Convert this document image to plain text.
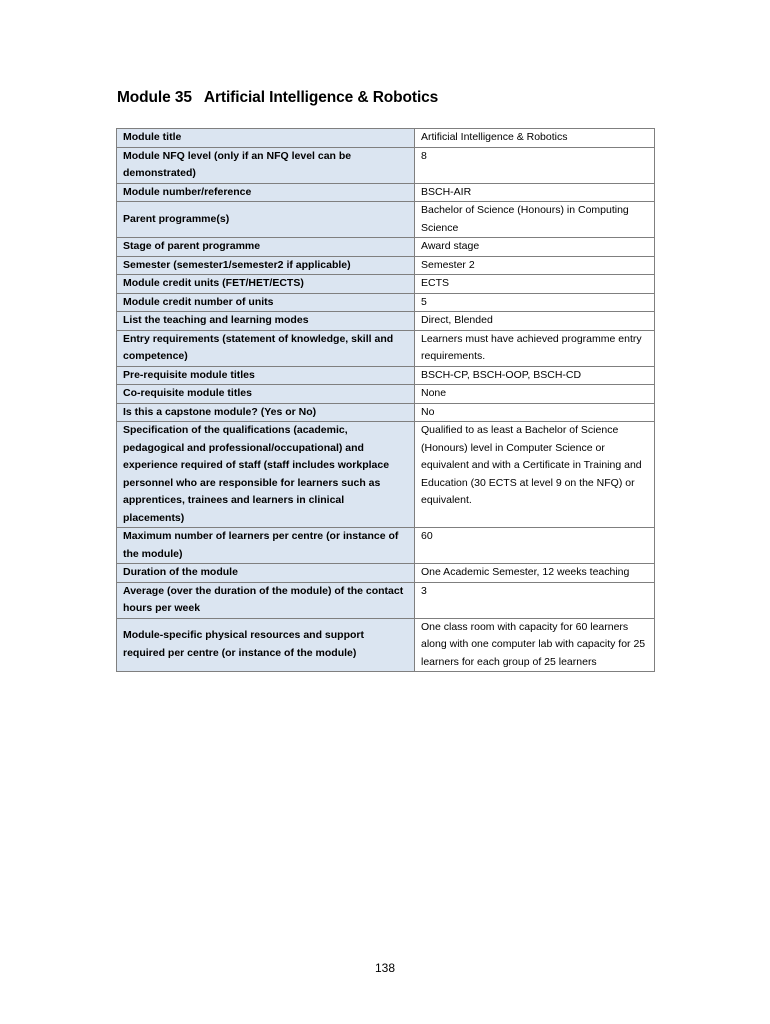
Module 35 Artificial Intelligence & Robotics
Module title	Artificial Intelligence & Robotics
Module NFQ level (only if an NFQ level can be demonstrated)	8
Module number/reference	BSCH-AIR
Parent programme(s)	Bachelor of Science (Honours) in Computing Science
Stage of parent programme	Award stage
Semester (semester1/semester2 if applicable)	Semester 2
Module credit units (FET/HET/ECTS)	ECTS
Module credit number of units	5
List the teaching and learning modes	Direct, Blended
Entry requirements (statement of knowledge, skill and competence)	Learners must have achieved programme entry requirements.
Pre-requisite module titles	BSCH-CP, BSCH-OOP, BSCH-CD
Co-requisite module titles	None
Is this a capstone module? (Yes or No)	No
Specification of the qualifications (academic, pedagogical and professional/occupational) and experience required of staff (staff includes workplace personnel who are responsible for learners such as apprentices, trainees and learners in clinical placements)	Qualified to as least a Bachelor of Science (Honours) level in Computer Science or equivalent and with a Certificate in Training and Education (30 ECTS at level 9 on the NFQ) or equivalent.
Maximum number of learners per centre (or instance of the module)	60
Duration of the module	One Academic Semester, 12 weeks teaching
Average (over the duration of the module) of the contact hours per week	3
Module-specific physical resources and support required per centre (or instance of the module)	One class room with capacity for 60 learners along with one computer lab with capacity for 25 learners for each group of 25 learners
138
